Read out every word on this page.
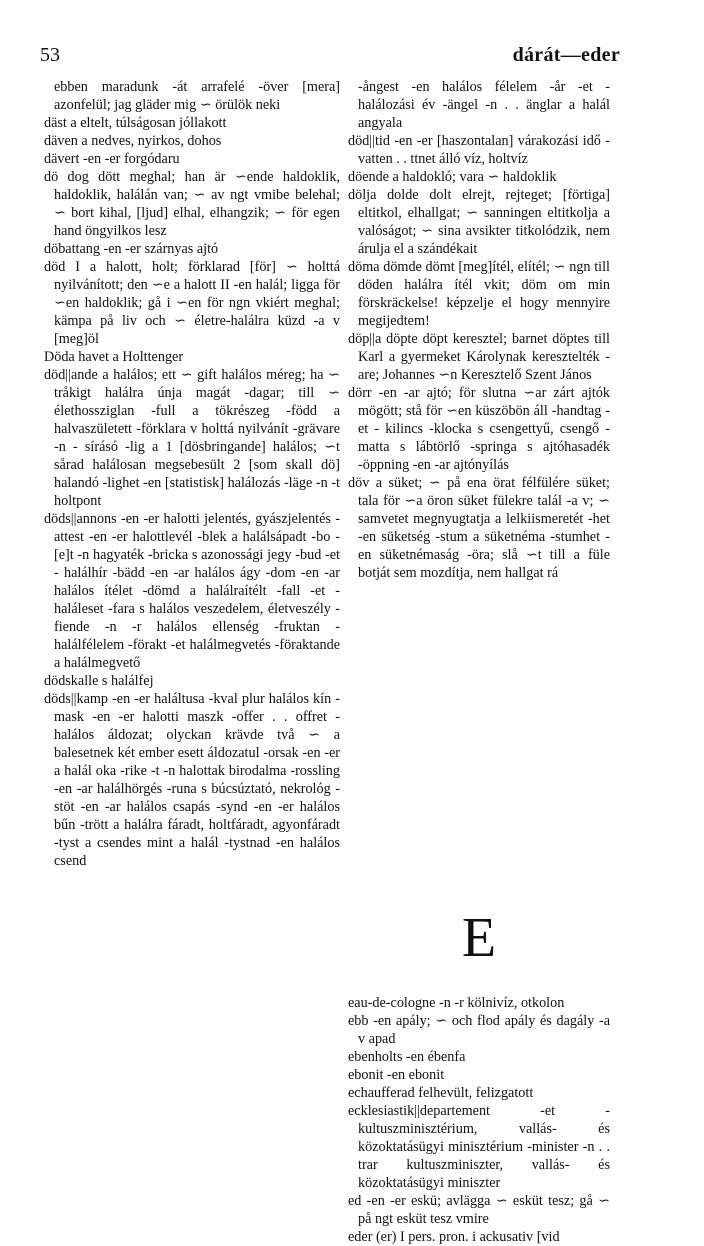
53	dárát—eder

ebben maradunk -át arrafelé -över [mera] azonfelül; jag gläder mig ∽ örülök neki

däst a eltelt, túlságosan jóllakott

däven a nedves, nyirkos, dohos

dävert -en -er forgódaru

dö dog dött meghal; han är ∽ende haldoklik, haldoklik, halálán van; ∽ av ngt vmibe belehal; ∽ bort kihal, [ljud] elhal, elhangzik; ∽ för egen hand öngyilkos lesz

döbattang -en -er szárnyas ajtó

död I a halott, holt; förklarad [för] ∽ holttá nyilvánított; den ∽e a halott II -en halál; ligga för ∽en haldoklik; gå i ∽en för ngn vkiért meghal; kämpa på liv och ∽ életre-halálra küzd -a v [meg]öl

Döda havet a Holttenger

död||ande a halálos; ett ∽ gift halálos méreg; ha ∽ tråkigt halálra únja magát -dagar; till ∽ élethossziglan -full a tökrészeg -född a halvaszületett -förklara v holttá nyilvánít -grävare -n - sírásó -lig a 1 [dösbringande] halálos; ∽t sårad halálosan megsebesült 2 [som skall dö] halandó -lighet -en [statistisk] halálozás -läge -n -t holtpont

döds||annons -en -er halotti jelentés, gyászjelentés -attest -en -er halottlevél -blek a halálsápadt -bo -[e]t -n hagyaték -bricka s azonossági jegy -bud -et - halálhír -bädd -en -ar halálos ágy -dom -en -ar halálos ítélet -dömd a halálraítélt -fall -et - haláleset -fara s halálos veszedelem, életveszély -fiende -n -r halálos ellenség -fruktan - halálfélelem -förakt -et halálmegvetés -föraktande a halálmegvető

dödskalle s halálfej

döds||kamp -en -er haláltusa -kval plur halálos kín -mask -en -er halotti maszk -offer . . offret - halálos áldozat; olyckan krävde två ∽ a balesetnek két ember esett áldozatul -orsak -en -er a halál oka -rike -t -n halottak birodalma -rossling -en -ar halálhörgés -runa s búcsúztató, nekrológ -stöt -en -ar halálos csapás -synd -en -er halálos bűn -trött a halálra fáradt, holtfáradt, agyonfáradt -tyst a csendes mint a halál -tystnad -en halálos csend

-ångest -en halálos félelem -år -et - halálozási év -ängel -n . . änglar a halál angyala

död||tid -en -er [haszontalan] várakozási idő -vatten . . ttnet álló víz, holtvíz

döende a haldokló; vara ∽ haldoklik

dölja dolde dolt elrejt, rejteget; [förtiga] eltitkol, elhallgat; ∽ sanningen eltitkolja a valóságot; ∽ sina avsikter titkolódzik, nem árulja el a szándékait

döma dömde dömt [meg]ítél, elítél; ∽ ngn till döden halálra ítél vkit; döm om min förskräckelse! képzelje el hogy mennyire megijedtem!

döp||a döpte döpt keresztel; barnet döptes till Karl a gyermeket Károlynak keresztelték -are; Johannes ∽n Keresztelő Szent János

dörr -en -ar ajtó; för slutna ∽ar zárt ajtók mögött; stå för ∽en küszöbön áll -handtag -et - kilincs -klocka s csengettyű, csengő -matta s lábtörlő -springa s ajtóhasadék -öppning -en -ar ajtónyílás

döv a süket; ∽ på ena örat félfülére süket; tala för ∽a öron süket fülekre talál -a v; ∽ samvetet megnyugtatja a lelkiismeretét -het -en süketség -stum a süketnéma -stumhet -en süketnémaság -öra; slå ∽t till a füle botját sem mozdítja, nem hallgat rá

E

eau-de-cologne -n -r kölnivíz, otkolon

ebb -en apály; ∽ och flod apály és dagály -a v apad

ebenholts -en ébenfa

ebonit -en ebonit

echaufferad felhevült, felizgatott

ecklesiastik||departement -et - kultuszminisztérium, vallás- és közoktatásügyi minisztérium -minister -n . . trar kultuszminiszter, vallás- és közoktatásügyi miniszter

ed -en -er eskü; avlägga ∽ esküt tesz; gå ∽ på ngt esküt tesz vmire

eder (er) I pers. pron. i ackusativ [vid
